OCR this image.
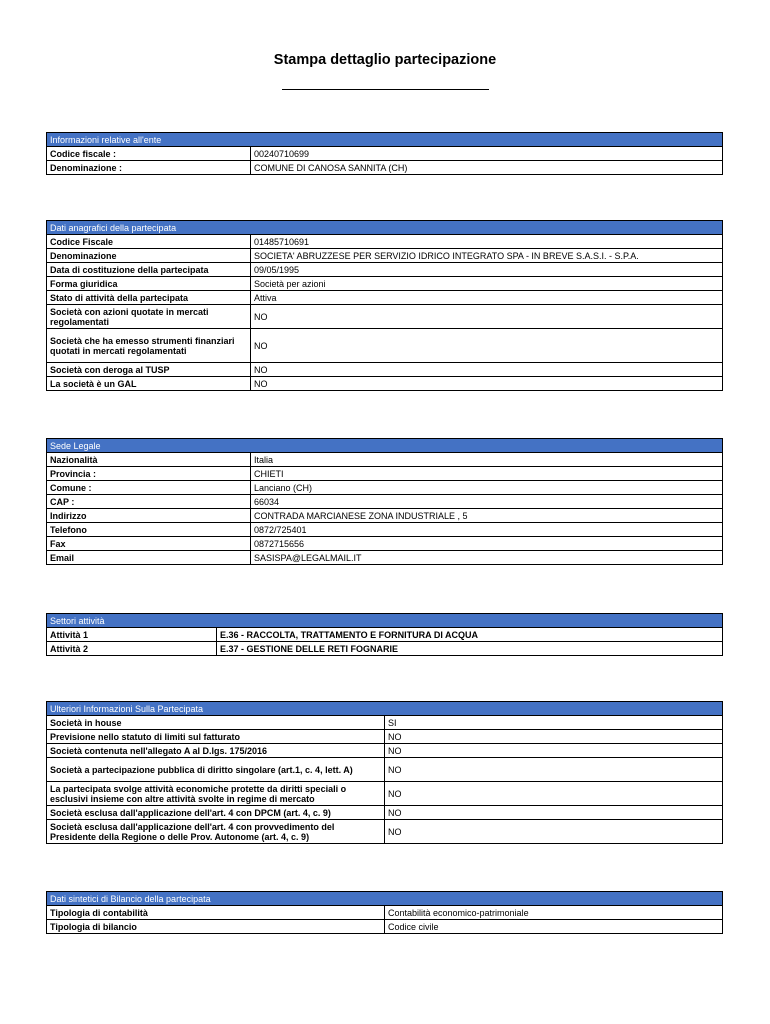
Stampa dettaglio partecipazione
Informazioni relative all'ente	
Codice fiscale :	00240710699
Denominazione :	COMUNE DI CANOSA SANNITA (CH)
Dati anagrafici della partecipata	
Codice Fiscale	01485710691
Denominazione	SOCIETA' ABRUZZESE PER SERVIZIO IDRICO INTEGRATO SPA - IN BREVE S.A.S.I. - S.P.A.
Data di costituzione della partecipata	09/05/1995
Forma giuridica	Società per azioni
Stato di attività della partecipata	Attiva
Società con azioni quotate in mercati regolamentati	NO
Società che ha emesso strumenti finanziari quotati in mercati regolamentati	NO
Società con deroga al TUSP	NO
La società è un GAL	NO
Sede Legale	
Nazionalità	Italia
Provincia :	CHIETI
Comune :	Lanciano (CH)
CAP :	66034
Indirizzo	CONTRADA MARCIANESE ZONA INDUSTRIALE , 5
Telefono	0872/725401
Fax	0872715656
Email	SASISPA@LEGALMAIL.IT
Settori attività	
Attività 1	E.36 - RACCOLTA, TRATTAMENTO E FORNITURA DI ACQUA
Attività 2	E.37 - GESTIONE DELLE RETI FOGNARIE
Ulteriori Informazioni Sulla Partecipata	
Società in house	SI
Previsione nello statuto di limiti sul fatturato	NO
Società contenuta nell'allegato A al D.lgs. 175/2016	NO
Società a partecipazione pubblica di diritto singolare (art.1, c. 4, lett. A)	NO
La partecipata svolge attività economiche protette da diritti speciali o esclusivi insieme con altre attività svolte in regime di mercato	NO
Società esclusa dall'applicazione dell'art. 4 con DPCM (art. 4, c. 9)	NO
Società esclusa dall'applicazione dell'art. 4 con provvedimento del Presidente della Regione o delle Prov. Autonome (art. 4, c. 9)	NO
Dati sintetici di Bilancio della partecipata	
Tipologia di contabilità	Contabilità economico-patrimoniale
Tipologia di bilancio	Codice civile
